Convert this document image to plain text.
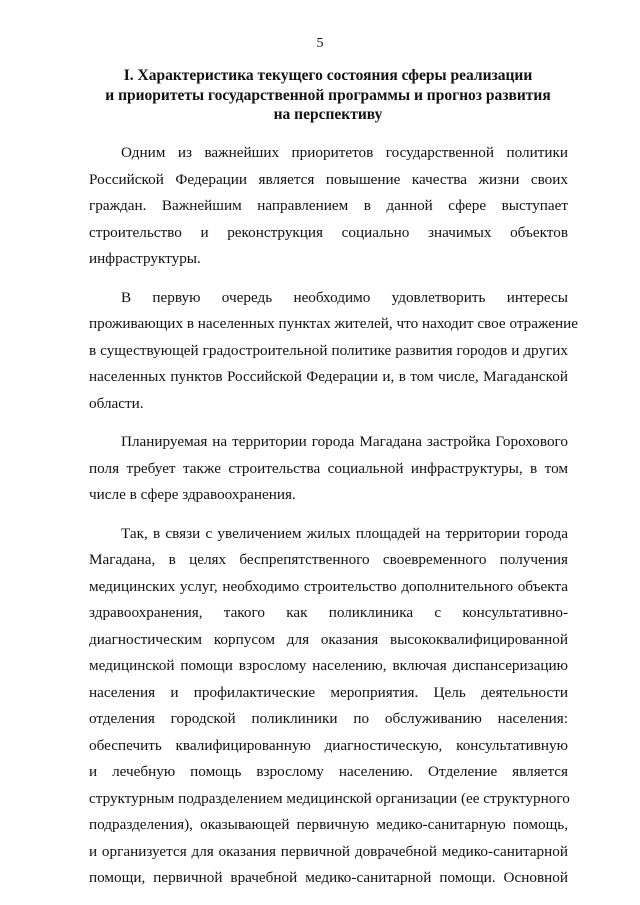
5
I. Характеристика текущего состояния сферы реализации
и приоритеты государственной программы и прогноз развития
на перспективу
Одним из важнейших приоритетов государственной политики
Российской Федерации является повышение качества жизни своих
граждан. Важнейшим направлением в данной сфере выступает
строительство и реконструкция социально значимых объектов
инфраструктуры.
В первую очередь необходимо удовлетворить интересы
проживающих в населенных пунктах жителей, что находит свое отражение
в существующей градостроительной политике развития городов и других
населенных пунктов Российской Федерации и, в том числе, Магаданской
области.
Планируемая на территории города Магадана застройка Горохового
поля требует также строительства социальной инфраструктуры, в том
числе в сфере здравоохранения.
Так, в связи с увеличением жилых площадей на территории города
Магадана, в целях беспрепятственного своевременного получения
медицинских услуг, необходимо строительство дополнительного объекта
здравоохранения, такого как поликлиника с консультативно-
диагностическим корпусом для оказания высококвалифицированной
медицинской помощи взрослому населению, включая диспансеризацию
населения и профилактические мероприятия. Цель деятельности
отделения городской поликлиники по обслуживанию населения:
обеспечить квалифицированную диагностическую, консультативную
и лечебную помощь взрослому населению. Отделение является
структурным подразделением медицинской организации (ее структурного
подразделения), оказывающей первичную медико-санитарную помощь,
и организуется для оказания первичной доврачебной медико-санитарной
помощи, первичной врачебной медико-санитарной помощи. Основной
